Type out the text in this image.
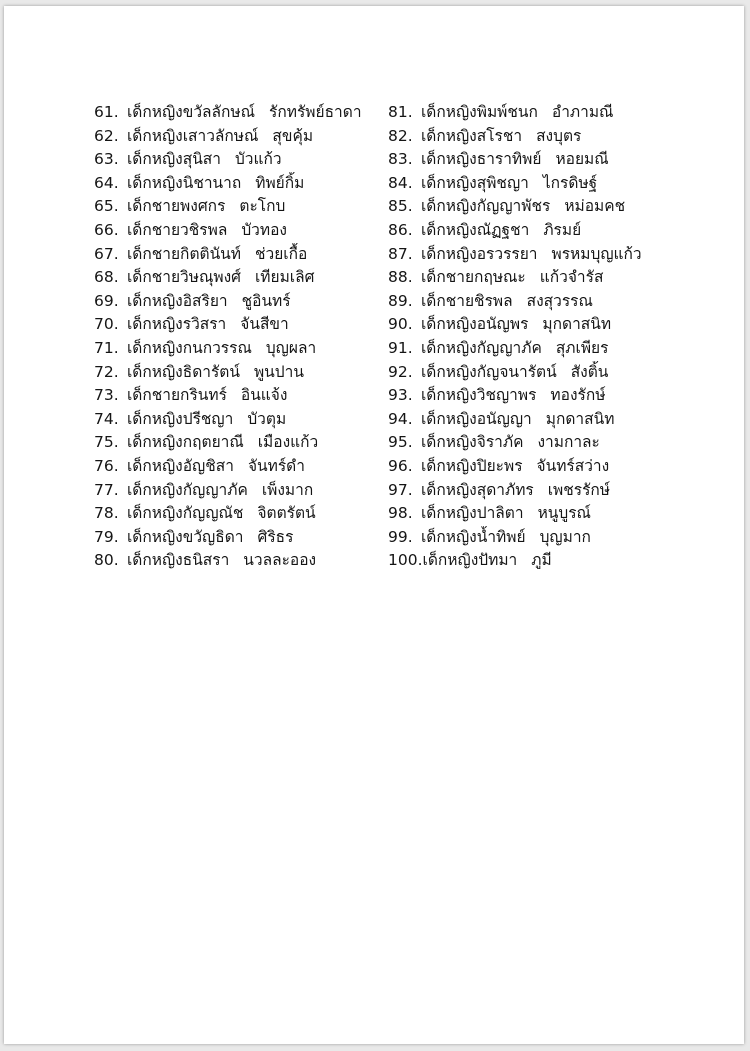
61. เด็กหญิงขวัลลักษณ์ รักทรัพย์ธาดา
62. เด็กหญิงเสาวลักษณ์ สุขคุ้ม
63. เด็กหญิงสุนิสา บัวแก้ว
64. เด็กหญิงนิชานาถ ทิพย์กิ้ม
65. เด็กชายพงศกร ตะโกบ
66. เด็กชายวชิรพล บัวทอง
67. เด็กชายกิตตินันท์ ช่วยเกื้อ
68. เด็กชายวิษณุพงศ์ เทียมเลิศ
69. เด็กหญิงอิสริยา ชูอินทร์
70. เด็กหญิงรวิสรา จันสีขา
71. เด็กหญิงกนกวรรณ บุญผลา
72. เด็กหญิงธิดารัตน์ พูนปาน
73. เด็กชายกรินทร์ อินแจ้ง
74. เด็กหญิงปรีชญา บัวตุม
75. เด็กหญิงกฤตยาณี เมืองแก้ว
76. เด็กหญิงอัญชิสา จันทร์ดำ
77. เด็กหญิงกัญญาภัค เพ็งมาก
78. เด็กหญิงกัญญณัช จิตตรัตน์
79. เด็กหญิงขวัญธิดา ศิริธร
80. เด็กหญิงธนิสรา นวลละออง
81. เด็กหญิงพิมพ์ชนก อำภามณี
82. เด็กหญิงสโรชา สงบุตร
83. เด็กหญิงธาราทิพย์ หอยมณี
84. เด็กหญิงสุพิชญา ไกรดิษฐ์
85. เด็กหญิงกัญญาพัชร หม่อมคช
86. เด็กหญิงณัฏฐชา ภิรมย์
87. เด็กหญิงอรวรรยา พรหมบุญแก้ว
88. เด็กชายกฤษณะ แก้วจำรัส
89. เด็กชายชิรพล สงสุวรรณ
90. เด็กหญิงอนัญพร มุกดาสนิท
91. เด็กหญิงกัญญาภัค สุภเพียร
92. เด็กหญิงกัญจนารัตน์ สังติ้น
93. เด็กหญิงวิชญาพร ทองรักษ์
94. เด็กหญิงอนัญญา มุกดาสนิท
95. เด็กหญิงจิราภัค งามกาละ
96. เด็กหญิงปิยะพร จันทร์สว่าง
97. เด็กหญิงสุดาภัทร เพชรรักษ์
98. เด็กหญิงปาลิตา หนูบูรณ์
99. เด็กหญิงน้ำทิพย์ บุญมาก
100.เด็กหญิงปัทมา ภูมี
